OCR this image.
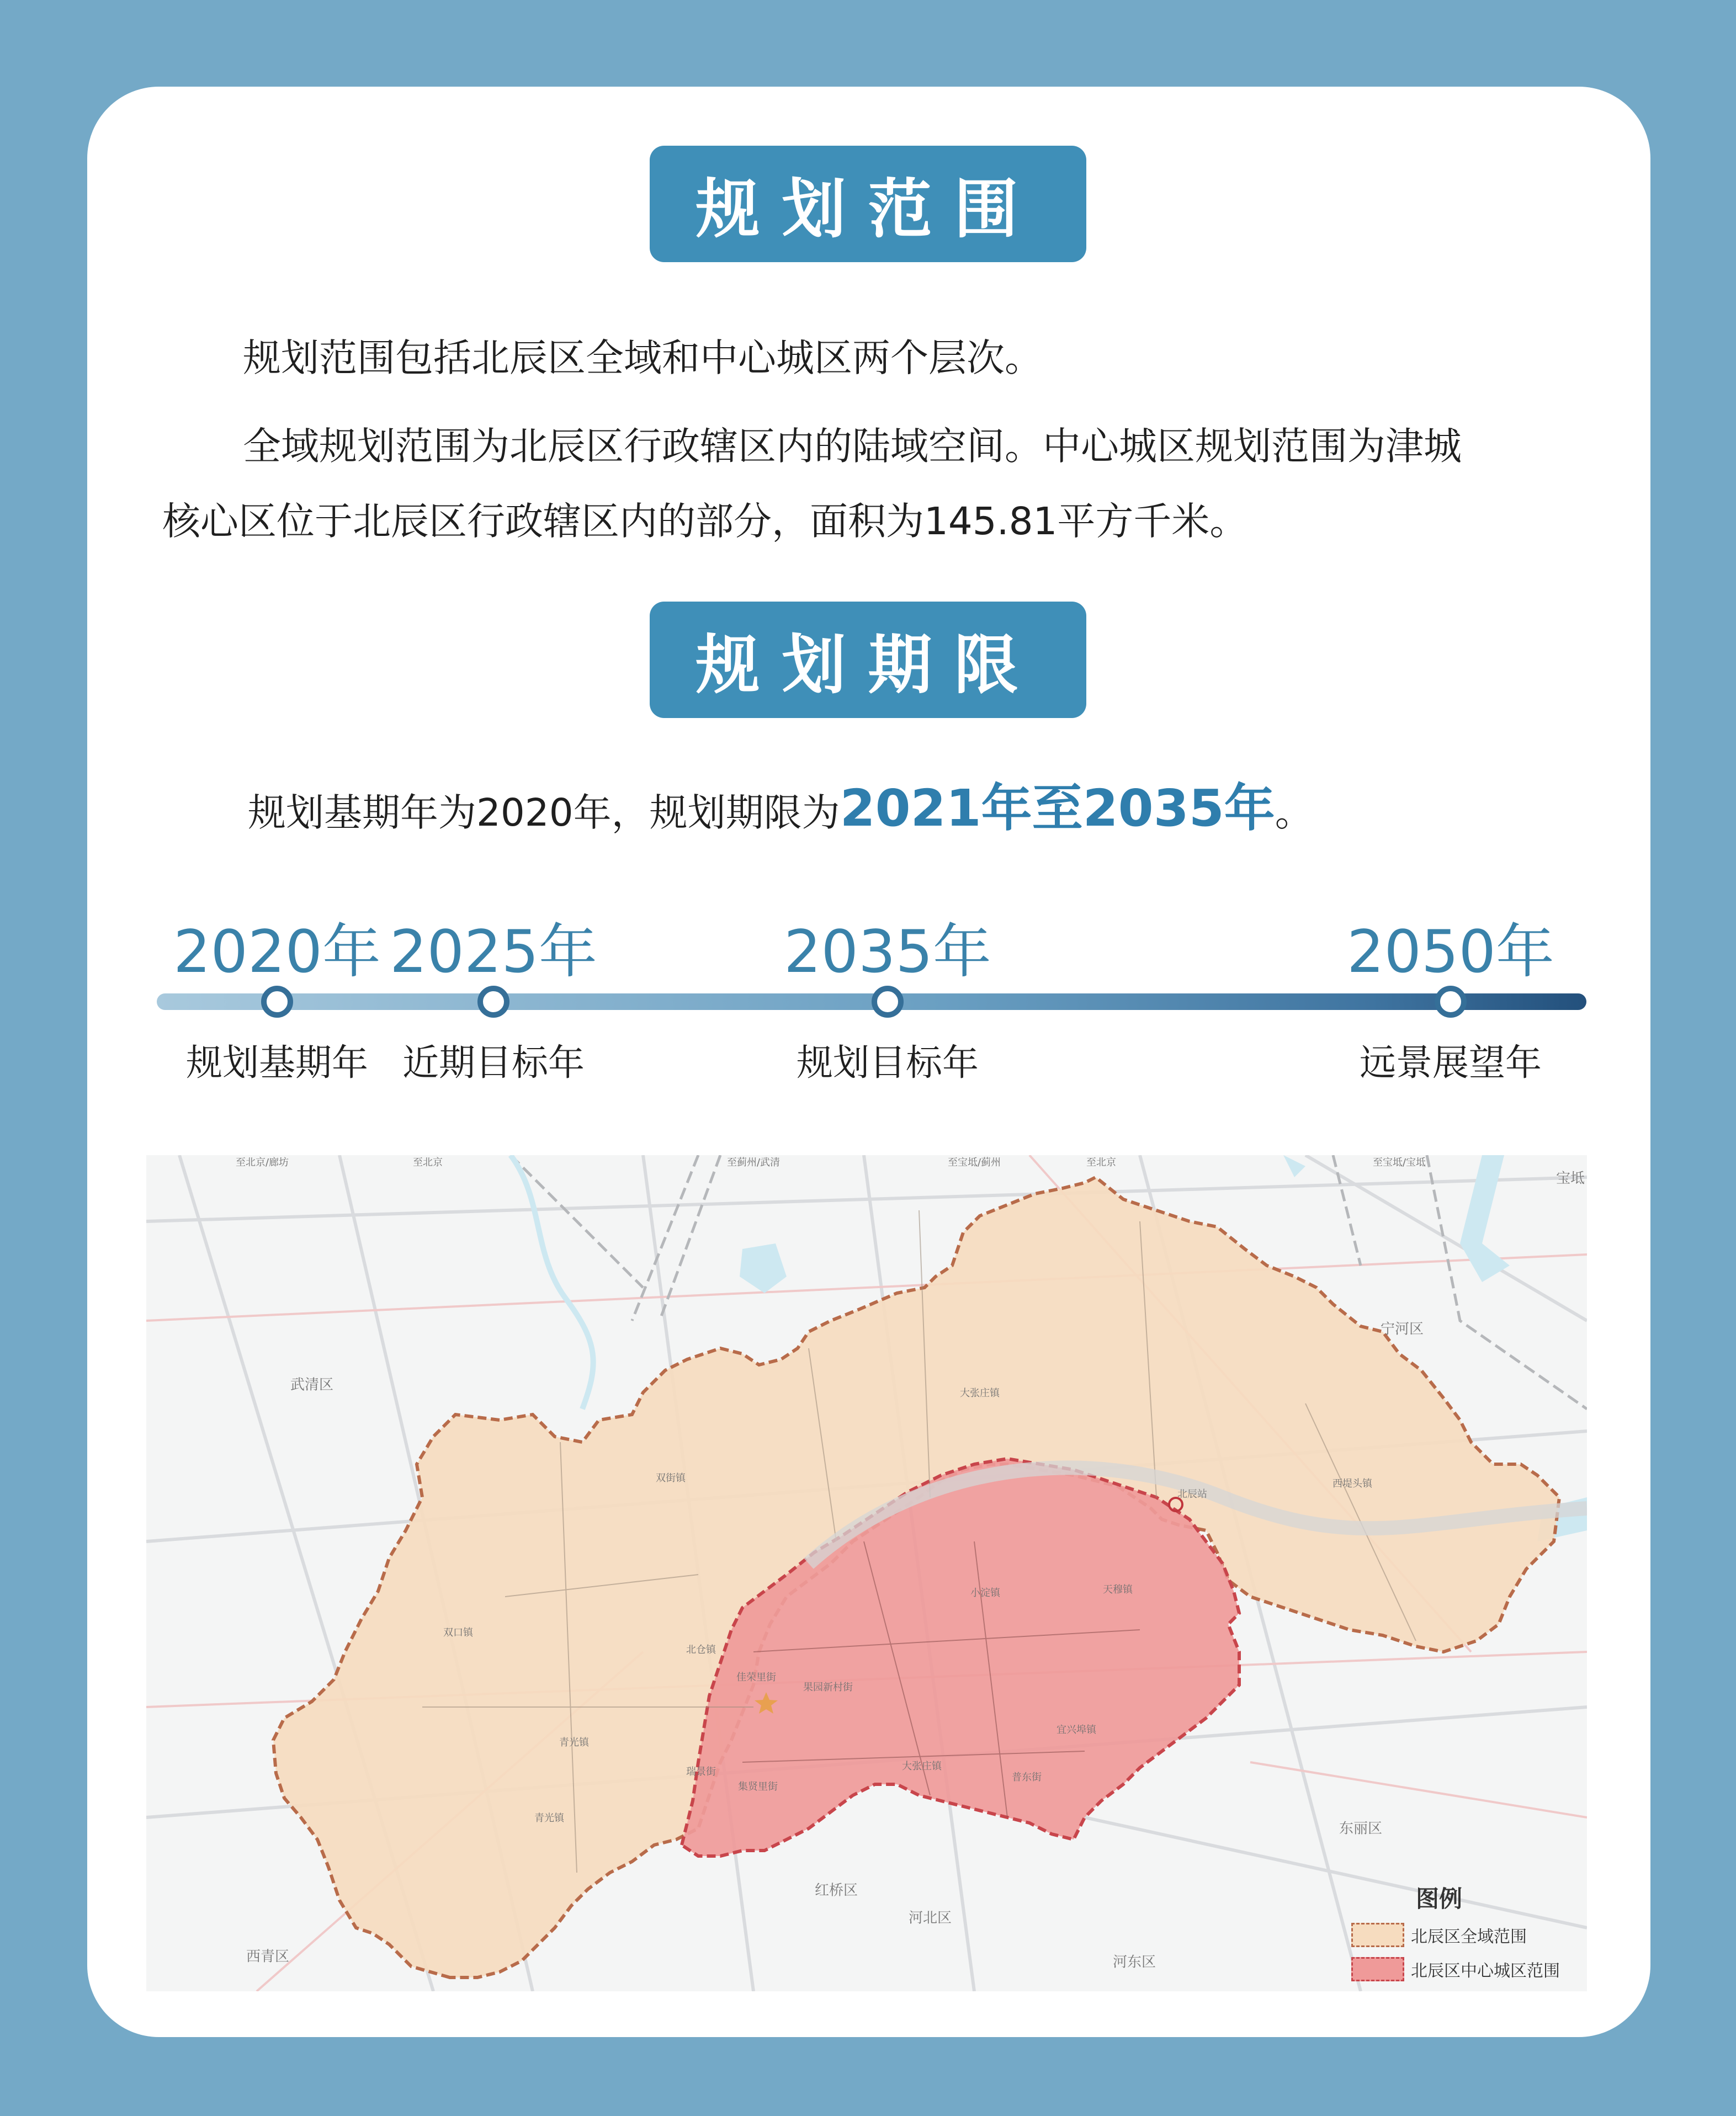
规划范围
规划范围包括北辰区全域和中心城区两个层次。
全域规划范围为北辰区行政辖区内的陆域空间。中心城区规划范围为津城
核心区位于北辰区行政辖区内的部分，面积为145.81平方千米。
规划期限
规划基期年为2020年，规划期限为 2021年至2035年 。
2020年 2025年	2035年	2050年
规划基期年 近期目标年	规划目标年	远景展望年
至北京/廊坊	至北京	至蓟州/武清	至宝坻/蓟州	至北京	至宝坻/宝坻
宝坻
宁河区
武清区	大张庄镇
双街镇	西堤头镇
北辰站
小淀镇	天穆镇
双口镇
北仓镇
佳荣里街
果园新村街
宜兴埠镇
青光镇
大张庄镇
瑞景街	普东街
集贤里街
青光镇
东丽区
红桥区
河北区
西青区	河东区
图例
北辰区全域范围
北辰区中心城区范围
